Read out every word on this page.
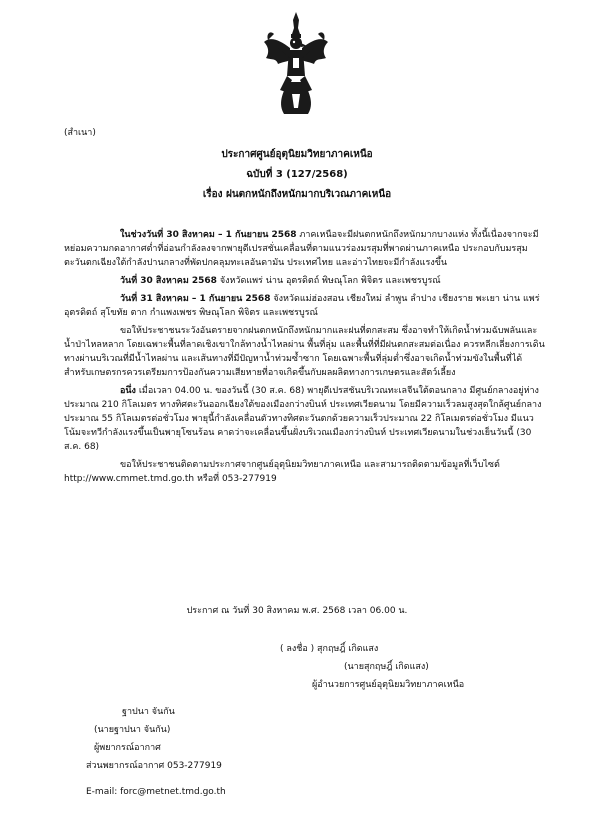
(สำเนา)
ประกาศศูนย์อุตุนิยมวิทยาภาคเหนือ
ฉบับที่ 3 (127/2568)
เรื่อง ฝนตกหนักถึงหนักมากบริเวณภาคเหนือ

ในช่วงวันที่ 30 สิงหาคม – 1 กันยายน 2568 ภาคเหนือจะมีฝนตกหนักถึงหนักมากบางแห่ง ทั้งนี้เนื่องจากจะมีหย่อมความกดอากาศต่ำที่อ่อนกำลังลงจากพายุดีเปรสชั่นเคลื่อนที่ตามแนวร่องมรสุมที่พาดผ่านภาคเหนือ ประกอบกับมรสุมตะวันตกเฉียงใต้กำลังปานกลางที่พัดปกคลุมทะเลอันดามัน ประเทศไทย และอ่าวไทยจะมีกำลังแรงขึ้น

วันที่ 30 สิงหาคม 2568 จังหวัดแพร่ น่าน อุตรดิตถ์ พิษณุโลก พิจิตร และเพชรบูรณ์

วันที่ 31 สิงหาคม – 1 กันยายน 2568 จังหวัดแม่ฮ่องสอน เชียงใหม่ ลำพูน ลำปาง เชียงราย พะเยา น่าน แพร่ อุตรดิตถ์ สุโขทัย ตาก กำแพงเพชร พิษณุโลก พิจิตร และเพชรบูรณ์

ขอให้ประชาชนระวังอันตรายจากฝนตกหนักถึงหนักมากและฝนที่ตกสะสม ซึ่งอาจทำให้เกิดน้ำท่วมฉับพลันและน้ำป่าไหลหลาก โดยเฉพาะพื้นที่ลาดเชิงเขาใกล้ทางน้ำไหลผ่าน พื้นที่ลุ่ม และพื้นที่ที่มีฝนตกสะสมต่อเนื่อง ควรหลีกเลี่ยงการเดินทางผ่านบริเวณที่มีน้ำไหลผ่าน และเส้นทางที่มีปัญหาน้ำท่วมซ้ำซาก โดยเฉพาะพื้นที่ลุ่มต่ำซึ่งอาจเกิดน้ำท่วมขังในพื้นที่ได้ สำหรับเกษตรกรควรเตรียมการป้องกันความเสียหายที่อาจเกิดขึ้นกับผลผลิตทางการเกษตรและสัตว์เลี้ยง

อนึ่ง เมื่อเวลา 04.00 น. ของวันนี้ (30 ส.ค. 68) พายุดีเปรสชันบริเวณทะเลจีนใต้ตอนกลาง มีศูนย์กลางอยู่ห่างประมาณ 210 กิโลเมตร ทางทิศตะวันออกเฉียงใต้ของเมืองกว่างบินห์ ประเทศเวียดนาม โดยมีความเร็วลมสูงสุดใกล้ศูนย์กลางประมาณ 55 กิโลเมตรต่อชั่วโมง พายุนี้กำลังเคลื่อนตัวทางทิศตะวันตกด้วยความเร็วประมาณ 22 กิโลเมตรต่อชั่วโมง มีแนวโน้มจะทวีกำลังแรงขึ้นเป็นพายุโซนร้อน คาดว่าจะเคลื่อนขึ้นฝั่งบริเวณเมืองกว่างบินห์ ประเทศเวียดนามในช่วงเย็นวันนี้ (30 ส.ค. 68)

ขอให้ประชาชนติดตามประกาศจากศูนย์อุตุนิยมวิทยาภาคเหนือ และสามารถติดตามข้อมูลที่เว็บไซต์ http://www.cmmet.tmd.go.th หรือที่ 053-277919

ประกาศ ณ วันที่ 30 สิงหาคม พ.ศ. 2568 เวลา 06.00 น.
( ลงชื่อ ) สุกฤษฎิ์ เกิดแสง
(นายสุกฤษฎิ์ เกิดแสง)
ผู้อำนวยการศูนย์อุตุนิยมวิทยาภาคเหนือ
ฐาปนา จันกัน
(นายฐาปนา จันกัน)
ผู้พยากรณ์อากาศ
ส่วนพยากรณ์อากาศ 053-277919
E-mail: forc@metnet.tmd.go.th
